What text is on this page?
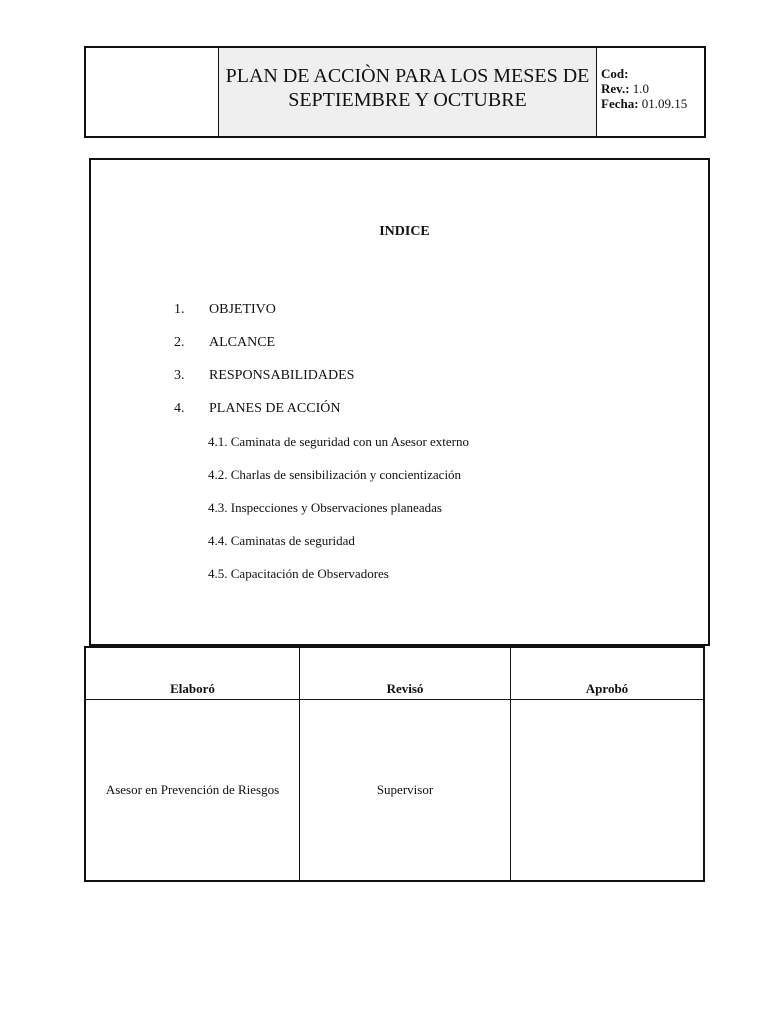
PLAN DE ACCIÒN PARA LOS MESES DE
SEPTIEMBRE Y OCTUBRE
Cod:
Rev.: 1.0
Fecha: 01.09.15
INDICE
1.	OBJETIVO
2.	ALCANCE
3.	RESPONSABILIDADES
4.	PLANES DE ACCIÓN
4.1. Caminata de seguridad con un Asesor externo
4.2. Charlas de sensibilización y concientización
4.3. Inspecciones y Observaciones planeadas
4.4. Caminatas de seguridad
4.5. Capacitación de Observadores
Elaboró	Revisó	Aprobó
Asesor en Prevención de Riesgos	Supervisor
